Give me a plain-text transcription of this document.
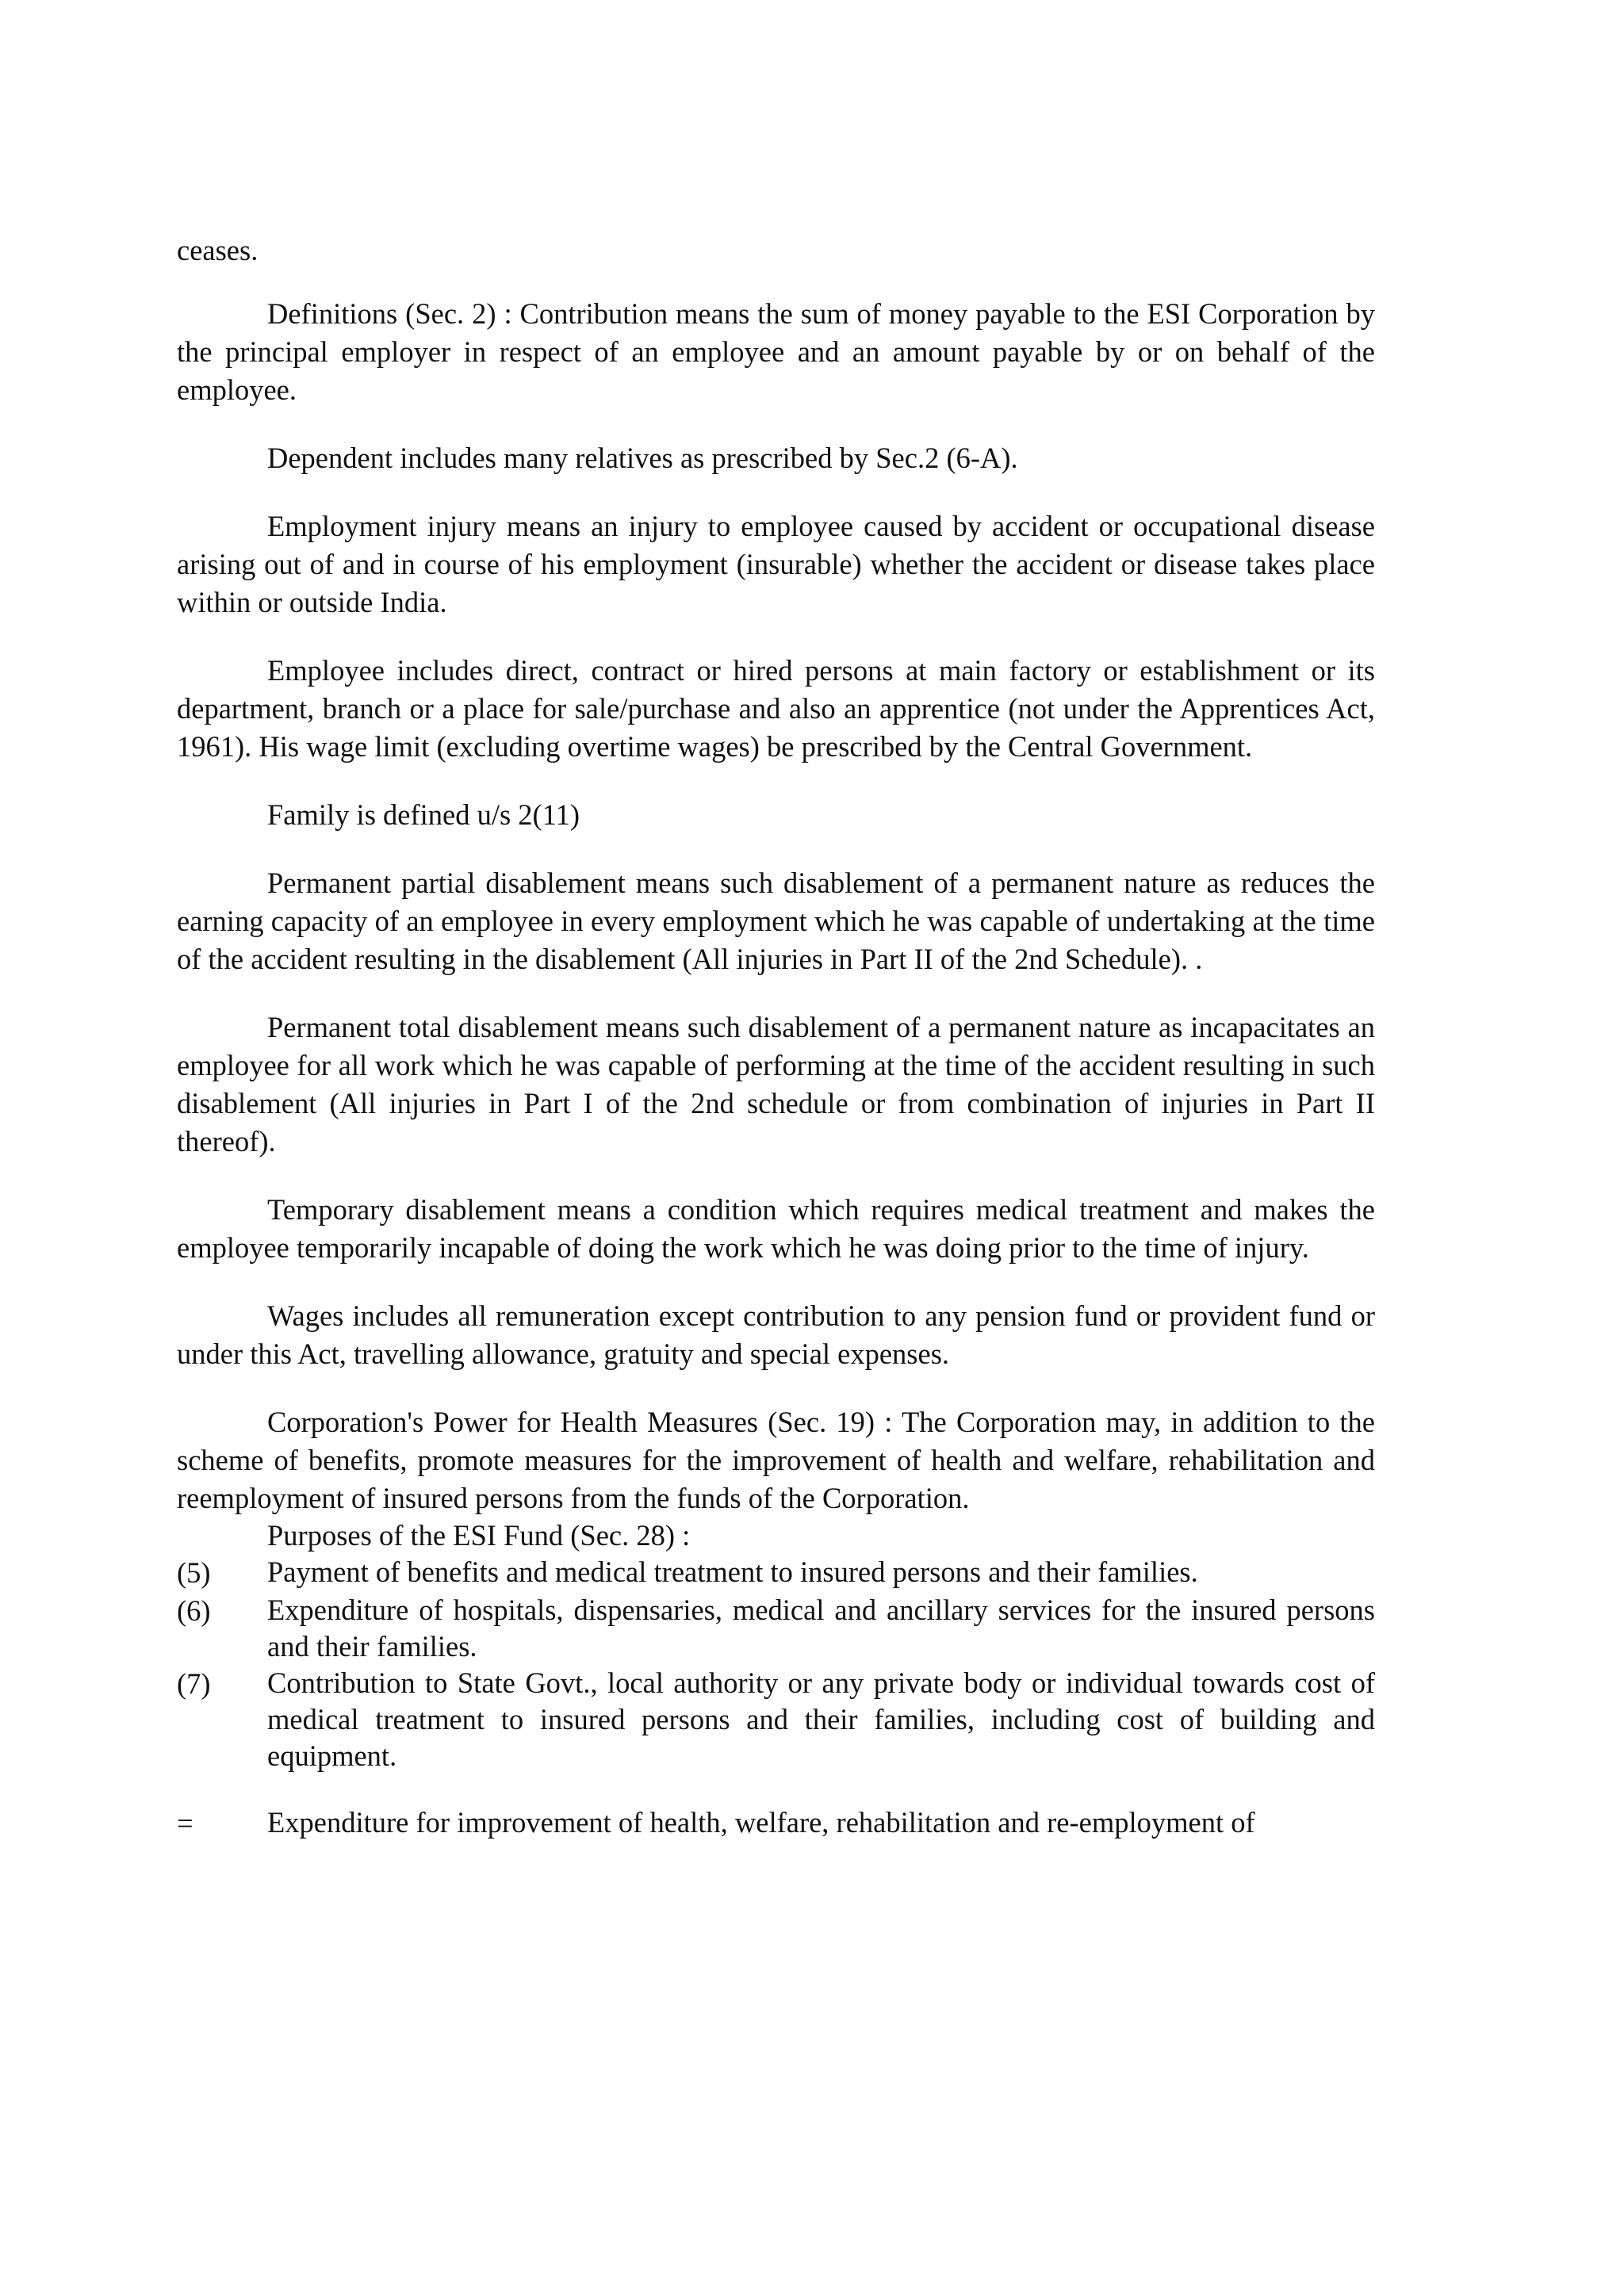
ceases.

Definitions (Sec. 2) : Contribution means the sum of money payable to the ESI Corporation by the principal employer in respect of an employee and an amount payable by or on behalf of the employee.

Dependent includes many relatives as prescribed by Sec.2 (6-A).

Employment injury means an injury to employee caused by accident or occupational disease arising out of and in course of his employment (insurable) whether the accident or disease takes place within or outside India.

Employee includes direct, contract or hired persons at main factory or establishment or its department, branch or a place for sale/purchase and also an apprentice (not under the Apprentices Act, 1961). His wage limit (excluding overtime wages) be prescribed by the Central Government.

Family is defined u/s 2(11)

Permanent partial disablement means such disablement of a permanent nature as reduces the earning capacity of an employee in every employment which he was capable of undertaking at the time of the accident resulting in the disablement (All injuries in Part II of the 2nd Schedule). .

Permanent total disablement means such disablement of a permanent nature as incapacitates an employee for all work which he was capable of performing at the time of the accident resulting in such disablement (All injuries in Part I of the 2nd schedule or from combination of injuries in Part II thereof).

Temporary disablement means a condition which requires medical treatment and makes the employee temporarily incapable of doing the work which he was doing prior to the time of injury.

Wages includes all remuneration except contribution to any pension fund or provident fund or under this Act, travelling allowance, gratuity and special expenses.

Corporation's Power for Health Measures (Sec. 19) : The Corporation may, in addition to the scheme of benefits, promote measures for the improvement of health and welfare, rehabilitation and reemployment of insured persons from the funds of the Corporation.

Purposes of the ESI Fund (Sec. 28) :

(5)	Payment of benefits and medical treatment to insured persons and their families.
(6)	Expenditure of hospitals, dispensaries, medical and ancillary services for the insured persons and their families.
(7)	Contribution to State Govt., local authority or any private body or individual towards cost of medical treatment to insured persons and their families, including cost of building and equipment.
=	Expenditure for improvement of health, welfare, rehabilitation and re-employment of
